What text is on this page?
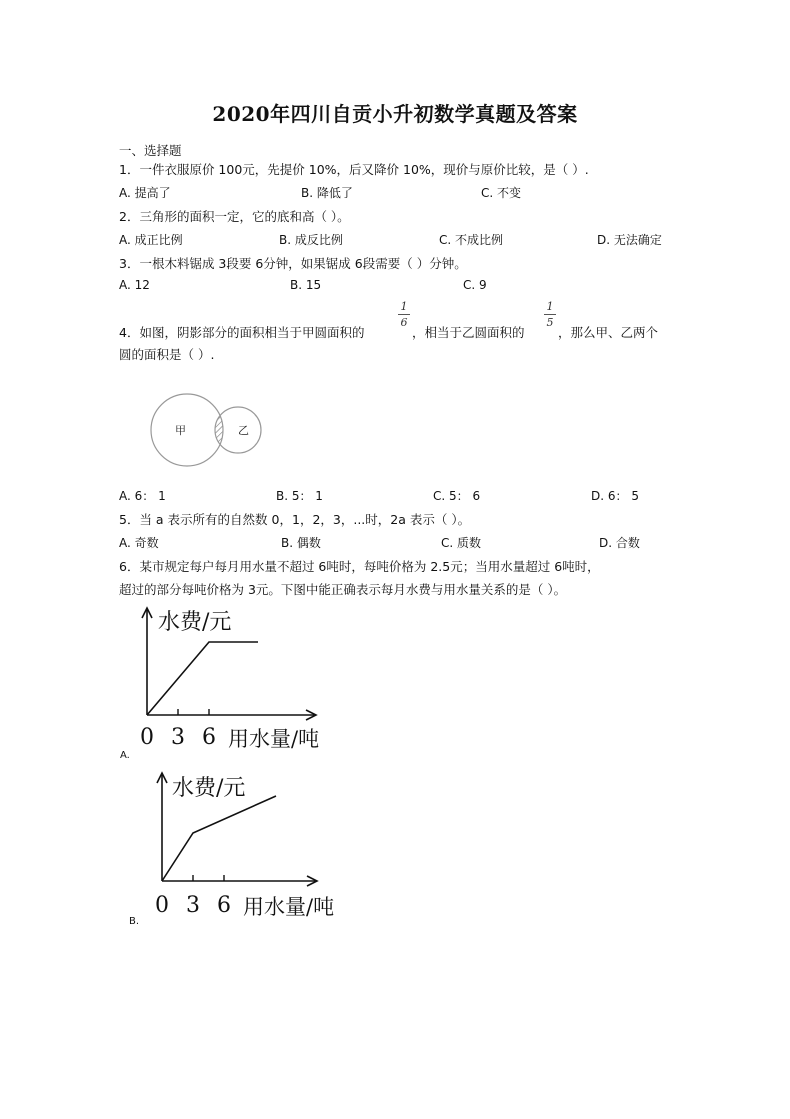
2020年四川自贡小升初数学真题及答案
一、选择题
1．一件衣服原价 100元，先提价 10%，后又降价 10%，现价与原价比较，是（ ）.
A. 提高了	B. 降低了	C. 不变
2．三角形的面积一定，它的底和高（ ）。
A. 成正比例	B. 成反比例	C. 不成比例	D. 无法确定
3．一根木料锯成 3段要 6分钟，如果锯成 6段需要（ ）分钟。
A. 12	B. 15	C. 9
4．如图，阴影部分的面积相当于甲圆面积的
1
6
，相当于乙圆面积的
1
5
，那么甲、乙两个
圆的面积是（ ）.
甲	乙
A. 6： 1	B. 5： 1	C. 5： 6	D. 6： 5
5．当 a 表示所有的自然数 0，1，2，3，...时，2a 表示（ ）。
A. 奇数	B. 偶数	C. 质数	D. 合数
6．某市规定每户每月用水量不超过 6吨时，每吨价格为 2.5元；当用水量超过 6吨时，
超过的部分每吨价格为 3元。下图中能正确表示每月水费与用水量关系的是（ ）。
水费/元
0 3 6 用水量/吨
A.
水费/元
0 3 6 用水量/吨
B.
